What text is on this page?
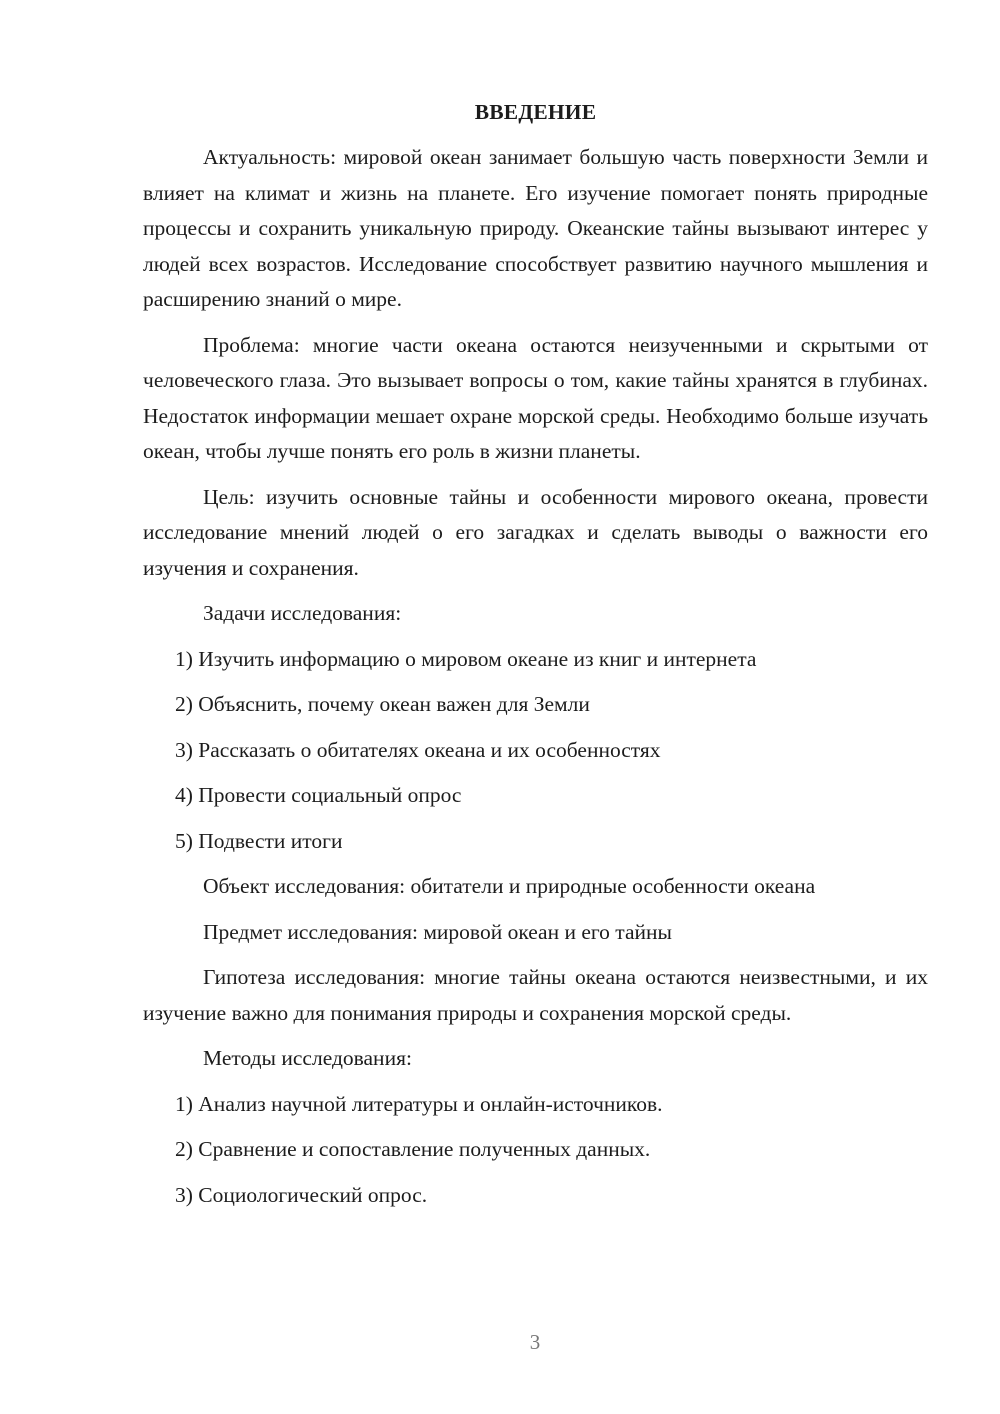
ВВЕДЕНИЕ

Актуальность: мировой океан занимает большую часть поверхности Земли и влияет на климат и жизнь на планете. Его изучение помогает понять природные процессы и сохранить уникальную природу. Океанские тайны вызывают интерес у людей всех возрастов. Исследование способствует развитию научного мышления и расширению знаний о мире.

Проблема: многие части океана остаются неизученными и скрытыми от человеческого глаза. Это вызывает вопросы о том, какие тайны хранятся в глубинах. Недостаток информации мешает охране морской среды. Необходимо больше изучать океан, чтобы лучше понять его роль в жизни планеты.

Цель: изучить основные тайны и особенности мирового океана, провести исследование мнений людей о его загадках и сделать выводы о важности его изучения и сохранения.

Задачи исследования:

1) Изучить информацию о мировом океане из книг и интернета

2) Объяснить, почему океан важен для Земли

3) Рассказать о обитателях океана и их особенностях

4) Провести социальный опрос

5) Подвести итоги

Объект исследования: обитатели и природные особенности океана

Предмет исследования: мировой океан и его тайны

Гипотеза исследования: многие тайны океана остаются неизвестными, и их изучение важно для понимания природы и сохранения морской среды.

Методы исследования:

1) Анализ научной литературы и онлайн-источников.

2) Сравнение и сопоставление полученных данных.

3) Социологический опрос.

3
